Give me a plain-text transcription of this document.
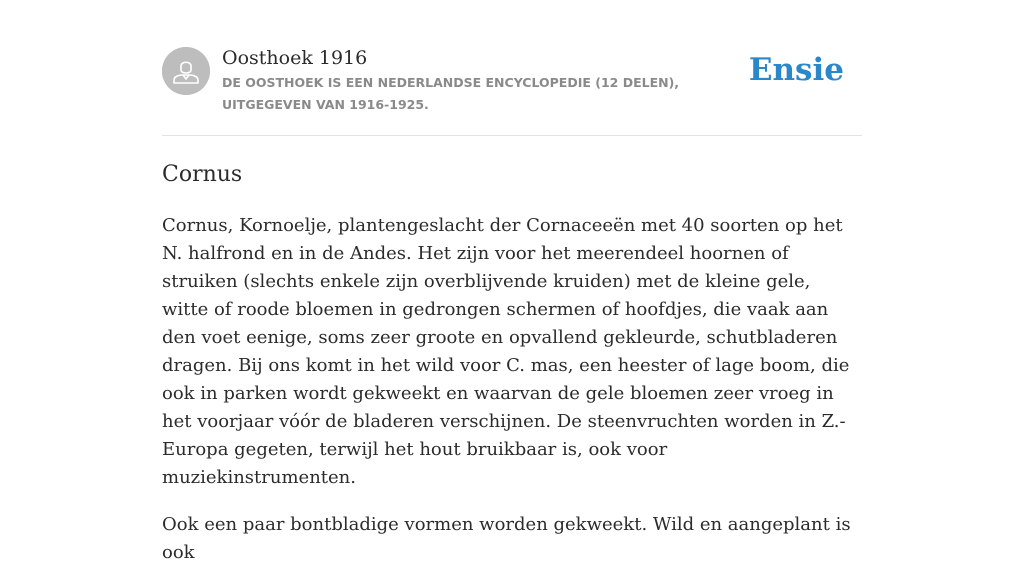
Oosthoek 1916
DE OOSTHOEK IS EEN NEDERLANDSE ENCYCLOPEDIE (12 DELEN), UITGEGEVEN VAN 1916-1925.
Ensie
Cornus

Cornus, Kornoelje, plantengeslacht der Cornaceeën met 40 soorten op het N. halfrond en in de Andes. Het zijn voor het meerendeel hoornen of struiken (slechts enkele zijn overblijvende kruiden) met de kleine gele, witte of roode bloemen in gedrongen schermen of hoofdjes, die vaak aan den voet eenige, soms zeer groote en opvallend gekleurde, schutbladeren dragen. Bij ons komt in het wild voor C. mas, een heester of lage boom, die ook in parken wordt gekweekt en waarvan de gele bloemen zeer vroeg in het voorjaar vóór de bladeren verschijnen. De steenvruchten worden in Z.-Europa gegeten, terwijl het hout bruikbaar is, ook voor muziekinstrumenten.

Ook een paar bontbladige vormen worden gekweekt. Wild en aangeplant is ook
